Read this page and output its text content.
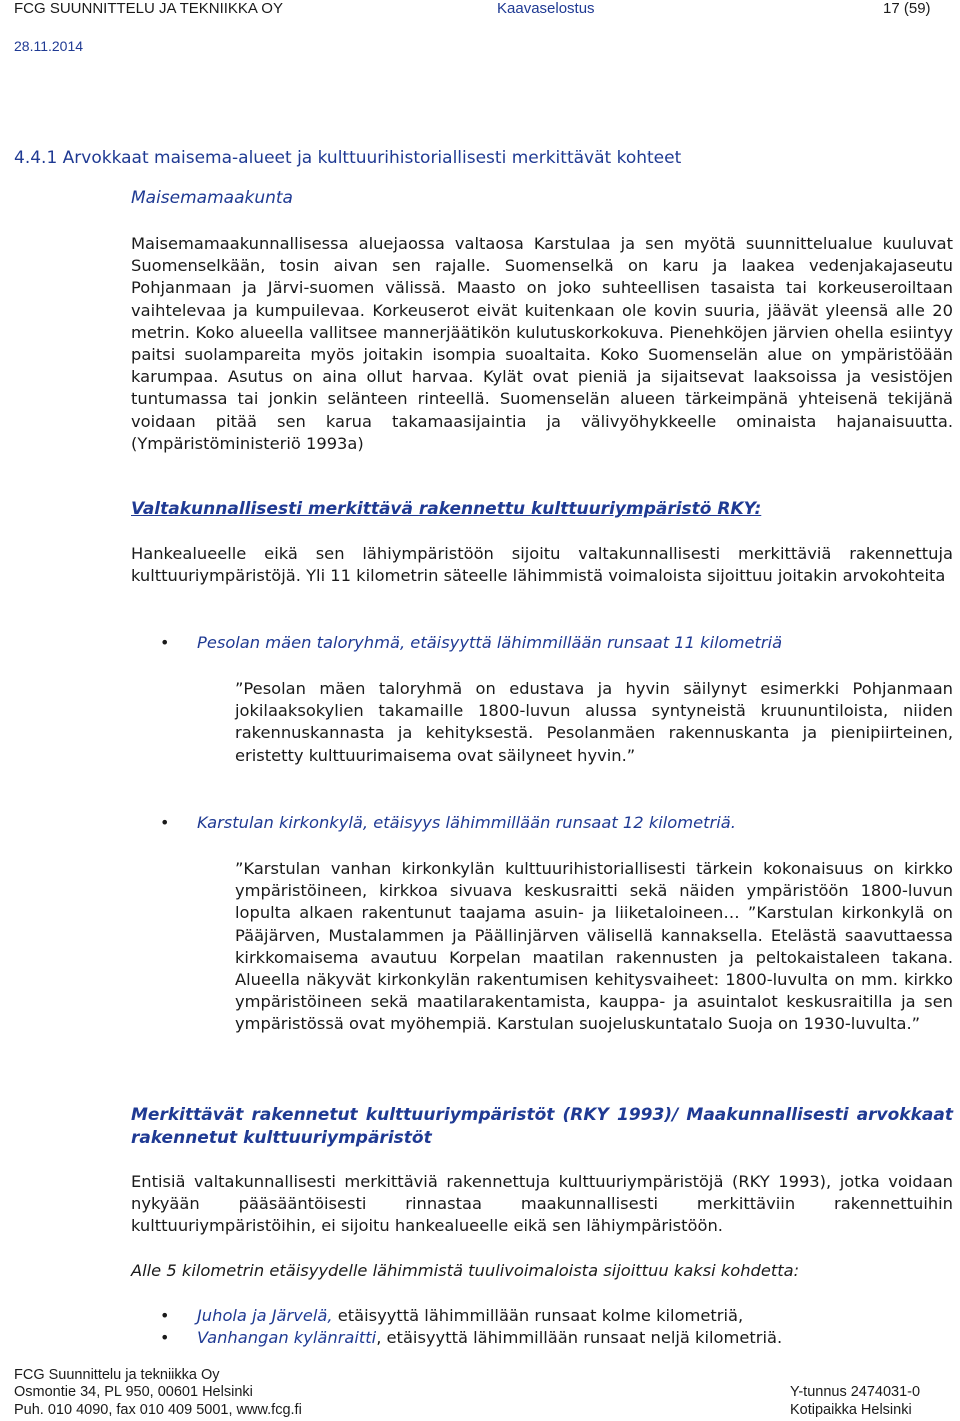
FCG SUUNNITTELU JA TEKNIIKKA OY	Kaavaselostus	17 (59)
28.11.2014
4.4.1 Arvokkaat maisema-alueet ja kulttuurihistoriallisesti merkittävät kohteet
Maisemamaakunta

Maisemamaakunnallisessa aluejaossa valtaosa Karstulaa ja sen myötä suunnittelualue kuuluvat Suomenselkään, tosin aivan sen rajalle. Suomenselkä on karu ja laakea vedenjakajaseutu Pohjanmaan ja Järvi-suomen välissä. Maasto on joko suhteellisen tasaista tai korkeuseroiltaan vaihtelevaa ja kumpuilevaa. Korkeuserot eivät kuitenkaan ole kovin suuria, jäävät yleensä alle 20 metrin. Koko alueella vallitsee mannerjäätikön kulutuskorkokuva. Pienehköjen järvien ohella esiintyy paitsi suolampareita myös joitakin isompia suoaltaita. Koko Suomenselän alue on ympäristöään karumpaa. Asutus on aina ollut harvaa. Kylät ovat pieniä ja sijaitsevat laaksoissa ja vesistöjen tuntumassa tai jonkin selänteen rinteellä. Suomenselän alueen tärkeimpänä yhteisenä tekijänä voidaan pitää sen karua takamaasijaintia ja välivyöhykkeelle ominaista hajanaisuutta. (Ympäristöministeriö 1993a)

Valtakunnallisesti merkittävä rakennettu kulttuuriympäristö RKY:

Hankealueelle eikä sen lähiympäristöön sijoitu valtakunnallisesti merkittäviä rakennettuja kulttuuriympäristöjä. Yli 11 kilometrin säteelle lähimmistä voimaloista sijoittuu joitakin arvokohteita

• Pesolan mäen taloryhmä, etäisyyttä lähimmillään runsaat 11 kilometriä

”Pesolan mäen taloryhmä on edustava ja hyvin säilynyt esimerkki Pohjanmaan jokilaaksokylien takamaille 1800-luvun alussa syntyneistä kruununtiloista, niiden rakennuskannasta ja kehityksestä. Pesolanmäen rakennuskanta ja pienipiirteinen, eristetty kulttuurimaisema ovat säilyneet hyvin.”

• Karstulan kirkonkylä, etäisyys lähimmillään runsaat 12 kilometriä.

”Karstulan vanhan kirkonkylän kulttuurihistoriallisesti tärkein kokonaisuus on kirkko ympäristöineen, kirkkoa sivuava keskusraitti sekä näiden ympäristöön 1800-luvun lopulta alkaen rakentunut taajama asuin- ja liiketaloineen… ”Karstulan kirkonkylä on Pääjärven, Mustalammen ja Päällinjärven välisellä kannaksella. Etelästä saavuttaessa kirkkomaisema avautuu Korpelan maatilan rakennusten ja peltokaistaleen takana. Alueella näkyvät kirkonkylän rakentumisen kehitysvaiheet: 1800-luvulta on mm. kirkko ympäristöineen sekä maatilarakentamista, kauppa- ja asuintalot keskusraitilla ja sen ympäristössä ovat myöhempiä. Karstulan suojeluskuntatalo Suoja on 1930-luvulta.”

Merkittävät rakennetut kulttuuriympäristöt (RKY 1993)/ Maakunnallisesti arvokkaat rakennetut kulttuuriympäristöt

Entisiä valtakunnallisesti merkittäviä rakennettuja kulttuuriympäristöjä (RKY 1993), jotka voidaan nykyään pääsääntöisesti rinnastaa maakunnallisesti merkittäviin rakennettuihin kulttuuriympäristöihin, ei sijoitu hankealueelle eikä sen lähiympäristöön.

Alle 5 kilometrin etäisyydelle lähimmistä tuulivoimaloista sijoittuu kaksi kohdetta:
• Juhola ja Järvelä, etäisyyttä lähimmillään runsaat kolme kilometriä,
• Vanhangan kylänraitti, etäisyyttä lähimmillään runsaat neljä kilometriä.
FCG Suunnittelu ja tekniikka Oy
Osmontie 34, PL 950, 00601 Helsinki
Puh. 010 4090, fax 010 409 5001, www.fcg.fi
Y-tunnus 2474031-0
Kotipaikka Helsinki
